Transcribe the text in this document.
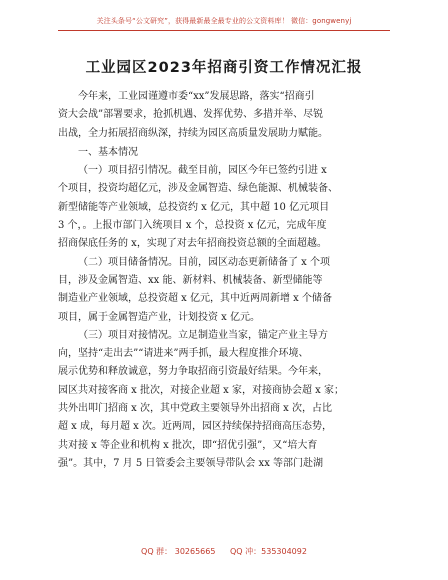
关注头条号“公文研究”，获得最新最全最专业的公文资料库！ 微信：gongwenyj
工业园区2023年招商引资工作情况汇报

今年来，工业园谨遵市委“xx”发展思路，落实“招商引

资大会战”部署要求，抢抓机遇、发挥优势、多措并举、尽锐

出战，全力拓展招商纵深，持续为园区高质量发展助力赋能。

一、基本情况

（一）项目招引情况。截至目前，园区今年已签约引进 x

个项目，投资均超亿元，涉及金属智造、绿色能源、机械装备、

新型储能等产业领域，总投资约 x 亿元，其中超 10 亿元项目

3 个，。上报市部门入统项目 x 个，总投资 x 亿元，完成年度

招商保底任务的 x，实现了对去年招商投资总额的全面超越。

（二）项目储备情况。目前，园区动态更新储备了 x 个项

目，涉及金属智造、xx 能、新材料、机械装备、新型储能等

制造业产业领域，总投资超 x 亿元，其中近两周新增 x 个储备

项目，属于金属智造产业，计划投资 x 亿元。

（三）项目对接情况。立足制造业当家，锚定产业主导方

向，坚持“走出去”“请进来”两手抓，最大程度推介环境、

展示优势和释放诚意，努力争取招商引资最好结果。今年来，

园区共对接客商 x 批次，对接企业超 x 家，对接商协会超 x 家；

共外出叩门招商 x 次，其中党政主要领导外出招商 x 次，占比

超 x 成，每月超 x 次。近两周，园区持续保持招商高压态势，

共对接 x 等企业和机构 x 批次，即“招优引强”，又“培大育

强”。其中，7 月 5 日管委会主要领导带队会 xx 等部门赴湖

QQ 群： 30265665 QQ 冲：535304092
